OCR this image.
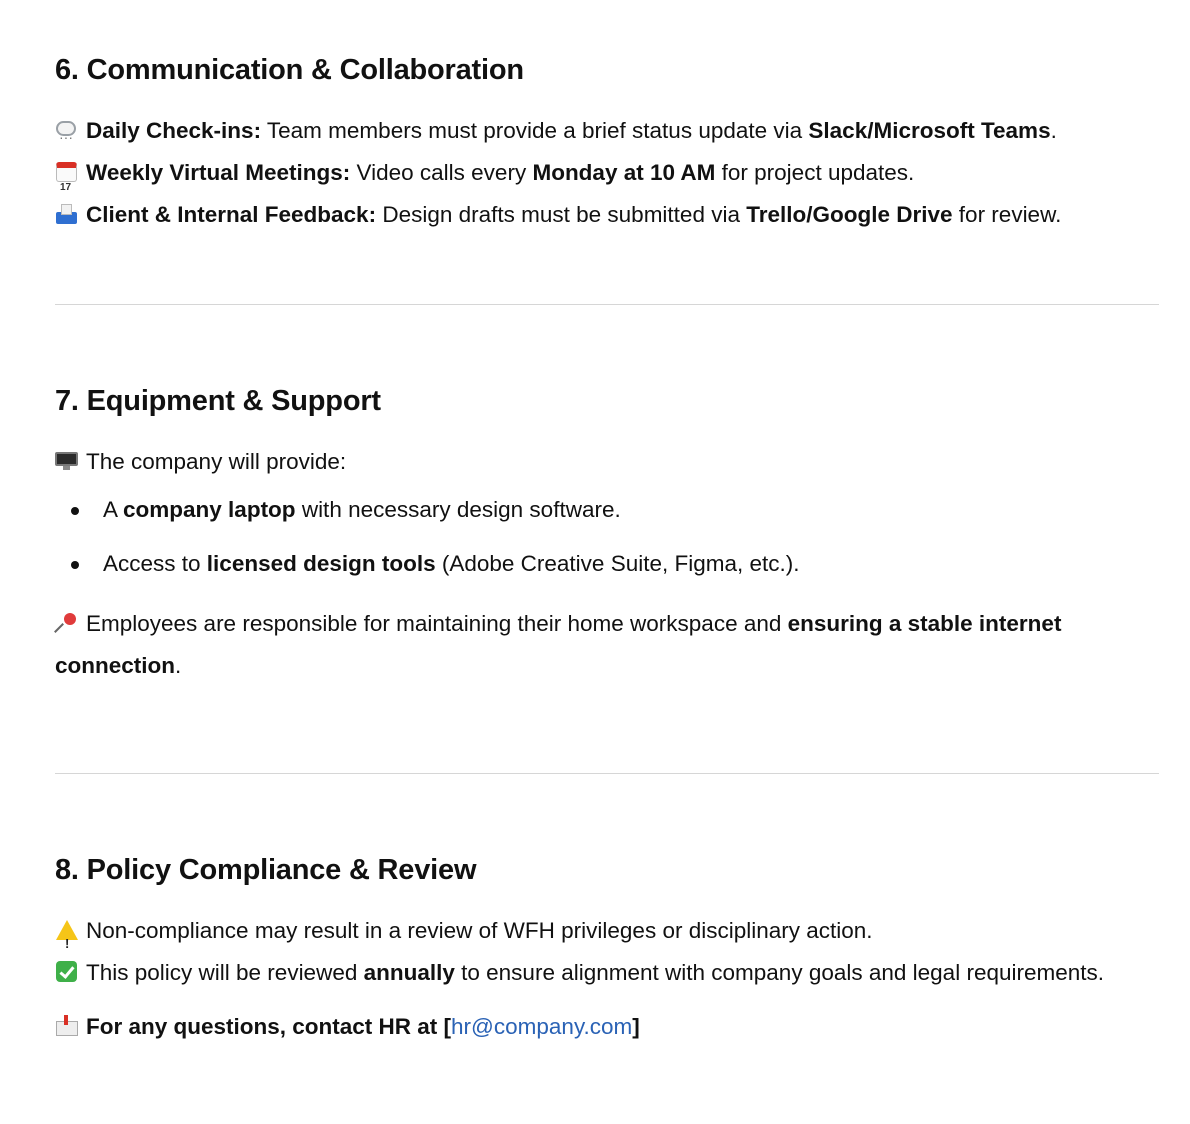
6. Communication & Collaboration
···Daily Check-ins: Team members must provide a brief status update via Slack/Microsoft Teams.
17Weekly Virtual Meetings: Video calls every Monday at 10 AM for project updates.
Client & Internal Feedback: Design drafts must be submitted via Trello/Google Drive for review.
7. Equipment & Support
The company will provide:
A company laptop with necessary design software.
Access to licensed design tools (Adobe Creative Suite, Figma, etc.).
Employees are responsible for maintaining their home workspace and ensuring a stable internet connection.
8. Policy Compliance & Review
!Non-compliance may result in a review of WFH privileges or disciplinary action.
This policy will be reviewed annually to ensure alignment with company goals and legal requirements.
For any questions, contact HR at [hr@company.com]
